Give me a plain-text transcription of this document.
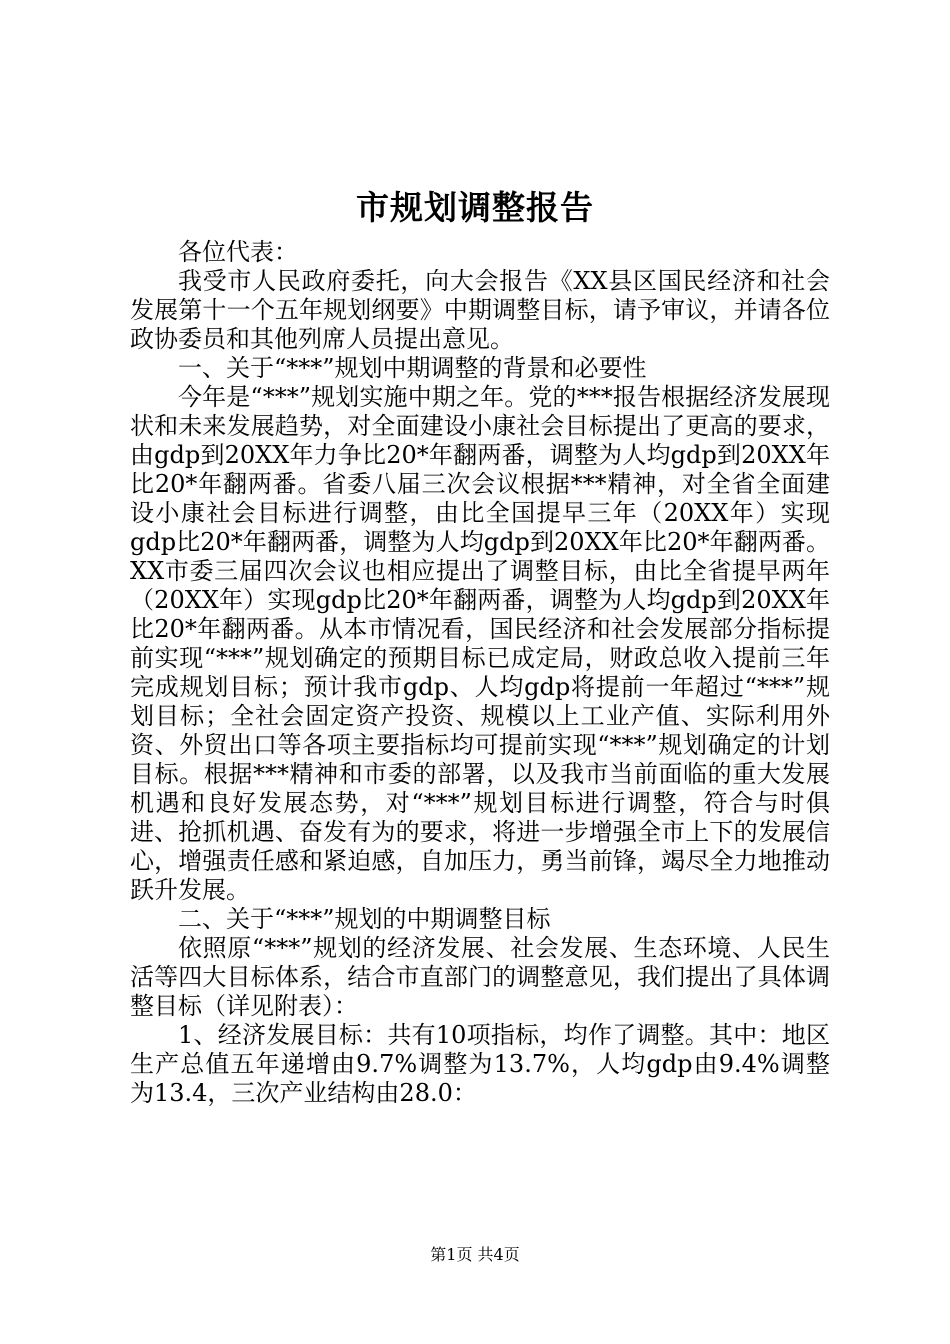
市规划调整报告

各位代表：

我受市人民政府委托，向大会报告《XX县区国民经济和社会发展第十一个五年规划纲要》中期调整目标，请予审议，并请各位政协委员和其他列席人员提出意见。

一、关于“***”规划中期调整的背景和必要性

今年是“***”规划实施中期之年。党的***报告根据经济发展现状和未来发展趋势，对全面建设小康社会目标提出了更高的要求，由gdp到20XX年力争比20*年翻两番，调整为人均gdp到20XX年比20*年翻两番。省委八届三次会议根据***精神，对全省全面建设小康社会目标进行调整，由比全国提早三年（20XX年）实现gdp比20*年翻两番，调整为人均gdp到20XX年比20*年翻两番。XX市委三届四次会议也相应提出了调整目标，由比全省提早两年（20XX年）实现gdp比20*年翻两番，调整为人均gdp到20XX年比20*年翻两番。从本市情况看，国民经济和社会发展部分指标提前实现“***”规划确定的预期目标已成定局，财政总收入提前三年完成规划目标；预计我市gdp、人均gdp将提前一年超过“***”规划目标；全社会固定资产投资、规模以上工业产值、实际利用外资、外贸出口等各项主要指标均可提前实现“***”规划确定的计划目标。根据***精神和市委的部署，以及我市当前面临的重大发展机遇和良好发展态势，对“***”规划目标进行调整，符合与时俱进、抢抓机遇、奋发有为的要求，将进一步增强全市上下的发展信心，增强责任感和紧迫感，自加压力，勇当前锋，竭尽全力地推动跃升发展。

二、关于“***”规划的中期调整目标

依照原“***”规划的经济发展、社会发展、生态环境、人民生活等四大目标体系，结合市直部门的调整意见，我们提出了具体调整目标（详见附表）：

1、经济发展目标：共有10项指标，均作了调整。其中：地区生产总值五年递增由9.7%调整为13.7%，人均gdp由9.4%调整为13.4，三次产业结构由28.0：

第1页 共4页
